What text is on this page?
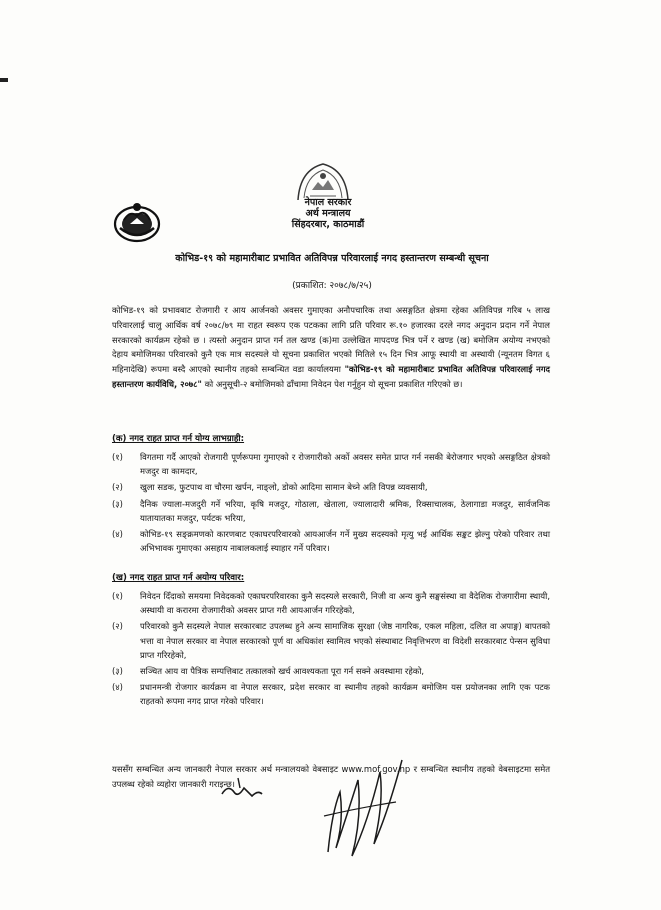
नेपाल सरकार
अर्थ मन्त्रालय
सिंहदरबार, काठमाडौं
कोभिड-१९ को महामारीबाट प्रभावित अतिविपन्न परिवारलाई नगद हस्तान्तरण सम्बन्धी सूचना
(प्रकाशित: २०७८/७/२५)
कोभिड-१९ को प्रभावबाट रोजगारी र आय आर्जनको अवसर गुमाएका अनौपचारिक तथा असङ्गठित क्षेत्रमा रहेका अतिविपन्न गरिब ५ लाख परिवारलाई चालु आर्थिक वर्ष २०७८/७९ मा राहत स्वरूप एक पटकका लागि प्रति परिवार रू.१० हजारका दरले नगद अनुदान प्रदान गर्ने नेपाल सरकारको कार्यक्रम रहेको छ । त्यस्तो अनुदान प्राप्त गर्न तल खण्ड (क)मा उल्लेखित मापदण्ड भित्र पर्ने र खण्ड (ख) बमोजिम अयोग्य नभएको देहाय बमोजिमका परिवारको कुनै एक मात्र सदस्यले यो सूचना प्रकाशित भएको मितिले १५ दिन भित्र आफू स्थायी वा अस्थायी (न्यूनतम विगत ६ महिनादेखि) रूपमा बस्दै आएको स्थानीय तहको सम्बन्धित वडा कार्यालयमा "कोभिड-१९ को महामारीबाट प्रभावित अतिविपन्न परिवारलाई नगद हस्तान्तरण कार्यविधि, २०७८" को अनुसूची-२ बमोजिमको ढाँचामा निवेदन पेश गर्नुहुन यो सूचना प्रकाशित गरिएको छ।
(क) नगद राहत प्राप्त गर्न योग्य लाभग्राही:
(१) विगतमा गर्दै आएको रोजगारी पूर्णरूपमा गुमाएको र रोजगारीको अर्को अवसर समेत प्राप्त गर्न नसकी बेरोजगार भएको असङ्गठित क्षेत्रको मजदुर वा कामदार,
(२) खुला सडक, फुटपाथ वा चौरमा खर्पन, नाङ्लो, डोको आदिमा सामान बेच्ने अति विपन्न व्यवसायी,
(३) दैनिक ज्याला-मजदुरी गर्ने भरिया, कृषि मजदुर, गोठाला, खेताला, ज्यालादारी श्रमिक, रिक्साचालक, ठेलागाडा मजदुर, सार्वजनिक यातायातका मजदुर, पर्यटक भरिया,
(४) कोभिड-१९ सङ्क्रमणको कारणबाट एकाघरपरिवारको आयआर्जन गर्ने मुख्य सदस्यको मृत्यु भई आर्थिक सङ्कट झेल्नु परेको परिवार तथा अभिभावक गुमाएका असहाय नाबालकलाई स्याहार गर्ने परिवार।
(ख) नगद राहत प्राप्त गर्न अयोग्य परिवार:
(१) निवेदन दिँदाको समयमा निवेदकको एकाघरपरिवारका कुनै सदस्यले सरकारी, निजी वा अन्य कुनै सङ्घसंस्था वा वैदेशिक रोजगारीमा स्थायी, अस्थायी वा करारमा रोजगारीको अवसर प्राप्त गरी आयआर्जन गरिरहेको,
(२) परिवारको कुनै सदस्यले नेपाल सरकारबाट उपलब्ध हुने अन्य सामाजिक सुरक्षा (जेष्ठ नागरिक, एकल महिला, दलित वा अपाङ्ग) बापतको भत्ता वा नेपाल सरकार वा नेपाल सरकारको पूर्ण वा अधिकांश स्वामित्व भएको संस्थाबाट निवृत्तिभरण वा विदेशी सरकारबाट पेन्सन सुविधा प्राप्त गरिरहेको,
(३) सञ्चित आय वा पैत्रिक सम्पत्तिबाट तत्कालको खर्च आवश्यकता पूरा गर्न सक्ने अवस्थामा रहेको,
(४) प्रधानमन्त्री रोजगार कार्यक्रम वा नेपाल सरकार, प्रदेश सरकार वा स्थानीय तहको कार्यक्रम बमोजिम यस प्रयोजनका लागि एक पटक राहतको रूपमा नगद प्राप्त गरेको परिवार।
यससँग सम्बन्धित अन्य जानकारी नेपाल सरकार अर्थ मन्त्रालयको वेबसाइट www.mof.gov.np र सम्बन्धित स्थानीय तहको वेबसाइटमा समेत उपलब्ध रहेको व्यहोरा जानकारी गराइन्छ।
